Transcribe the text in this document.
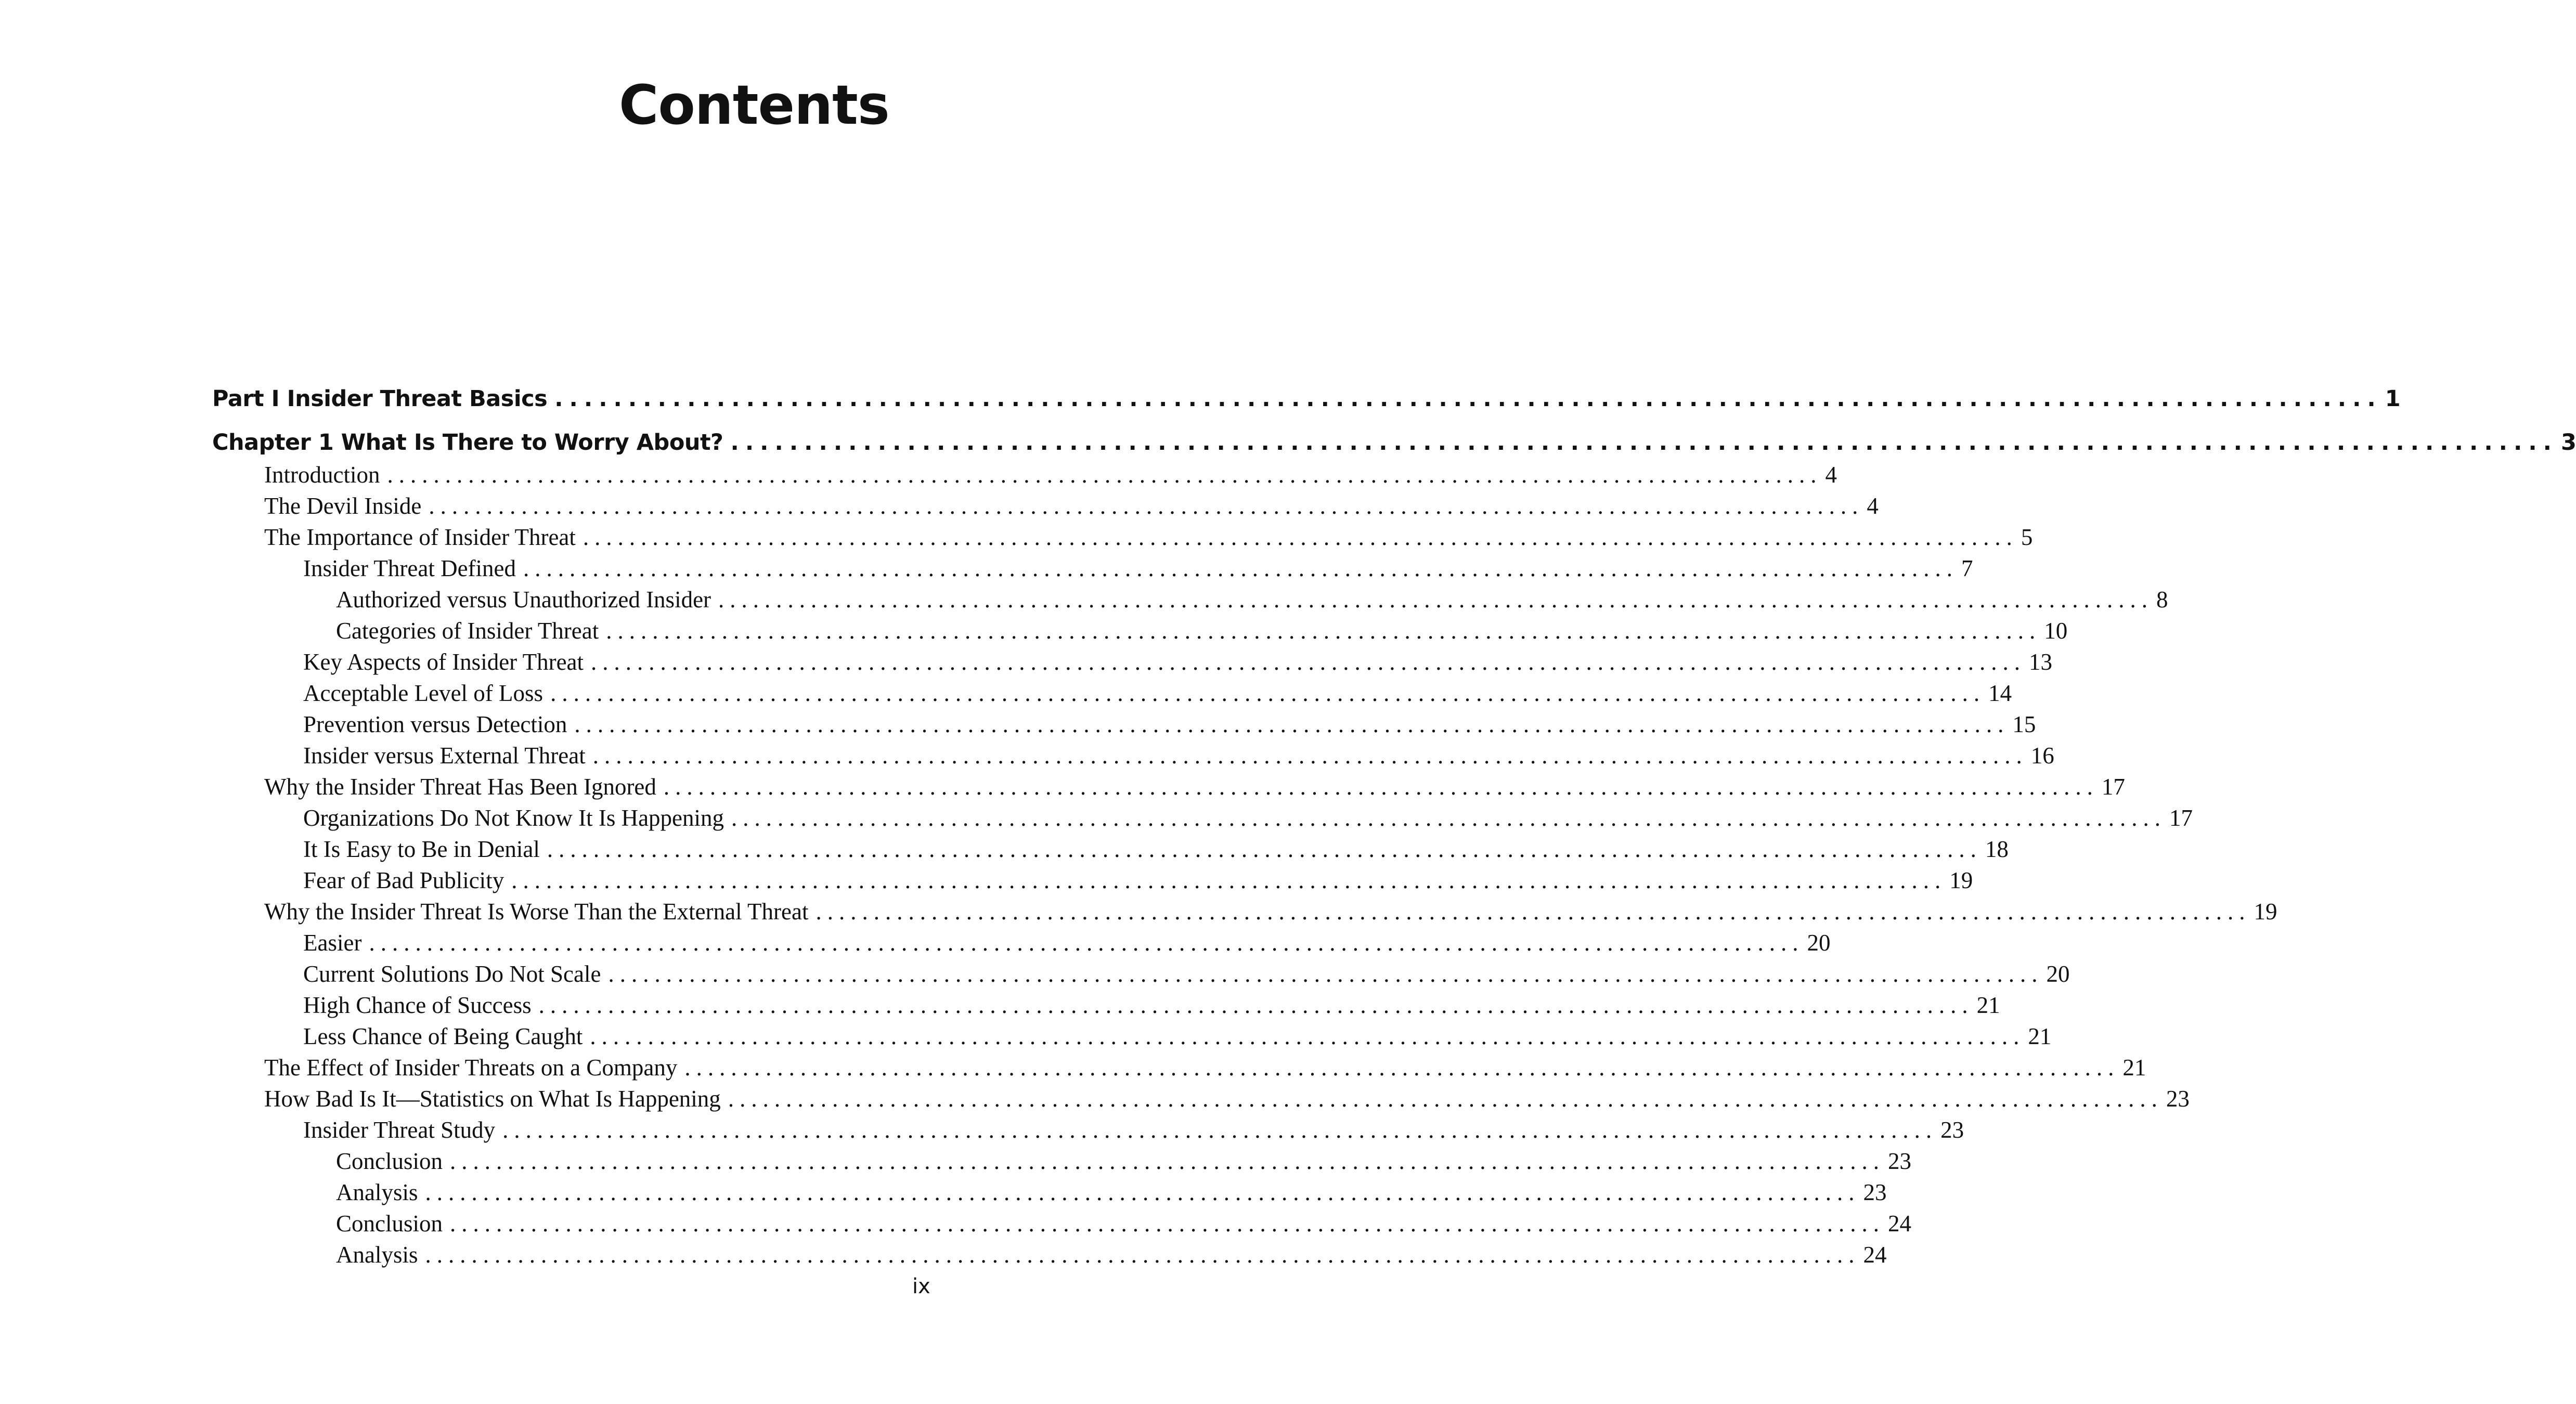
Contents
Part I Insider Threat Basics ............................................................................................................................ 1
Chapter 1 What Is There to Worry About? ............................................................................................................................ 3
Introduction ............................................................................................................................ 4
The Devil Inside ............................................................................................................................ 4
The Importance of Insider Threat ............................................................................................................................ 5
Insider Threat Defined ............................................................................................................................ 7
Authorized versus Unauthorized Insider ............................................................................................................................ 8
Categories of Insider Threat ............................................................................................................................ 10
Key Aspects of Insider Threat ............................................................................................................................ 13
Acceptable Level of Loss ............................................................................................................................ 14
Prevention versus Detection ............................................................................................................................ 15
Insider versus External Threat ............................................................................................................................ 16
Why the Insider Threat Has Been Ignored ............................................................................................................................ 17
Organizations Do Not Know It Is Happening ............................................................................................................................ 17
It Is Easy to Be in Denial ............................................................................................................................ 18
Fear of Bad Publicity ............................................................................................................................ 19
Why the Insider Threat Is Worse Than the External Threat ............................................................................................................................ 19
Easier ............................................................................................................................ 20
Current Solutions Do Not Scale ............................................................................................................................ 20
High Chance of Success ............................................................................................................................ 21
Less Chance of Being Caught ............................................................................................................................ 21
The Effect of Insider Threats on a Company ............................................................................................................................ 21
How Bad Is It—Statistics on What Is Happening ............................................................................................................................ 23
Insider Threat Study ............................................................................................................................ 23
Conclusion ............................................................................................................................ 23
Analysis ............................................................................................................................ 23
Conclusion ............................................................................................................................ 24
Analysis ............................................................................................................................ 24

ix
